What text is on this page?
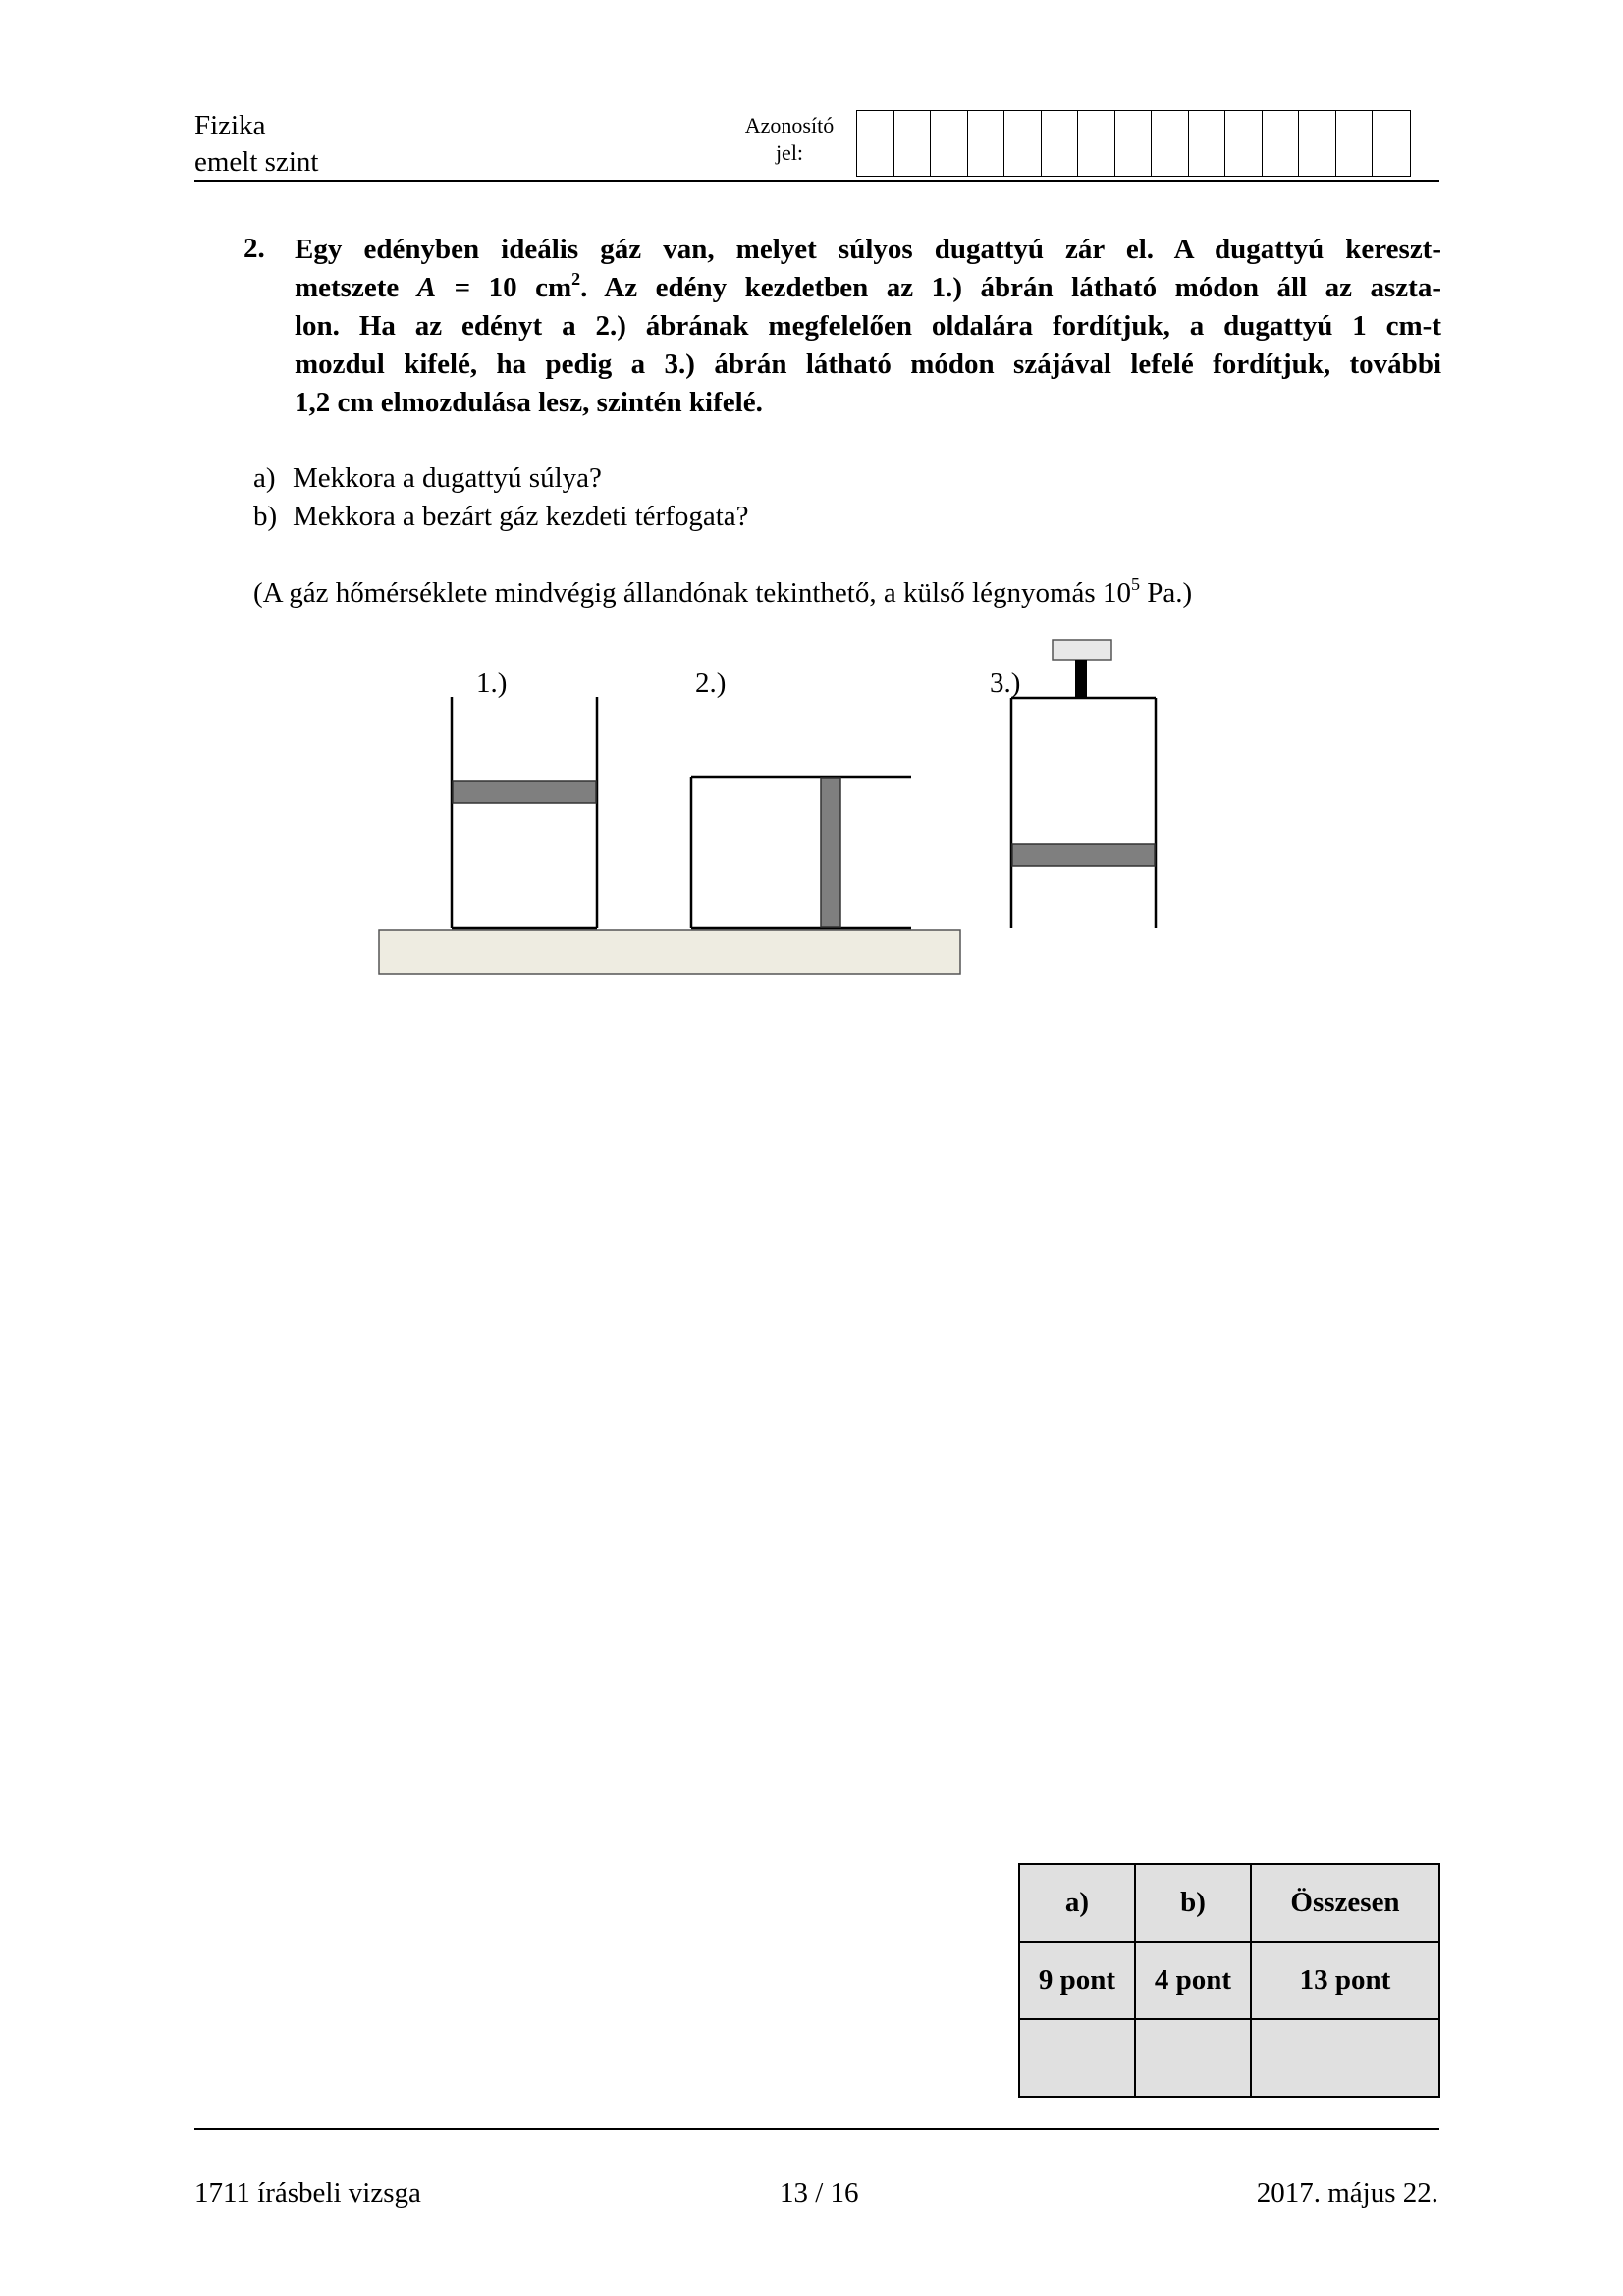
Fizika
emelt szint
Azonosító
jel:
2. Egy edényben ideális gáz van, melyet súlyos dugattyú zár el. A dugattyú kereszt-
metszete A = 10 $cm^2$. Az edény kezdetben az 1.) ábrán látható módon áll az aszta-
lon. Ha az edényt a 2.) ábrának megfelelően oldalára fordítjuk, a dugattyú 1 cm-t
mozdul kifelé, ha pedig a 3.) ábrán látható módon szájával lefelé fordítjuk, további
1,2 cm elmozdulása lesz, szintén kifelé.
a) Mekkora a dugattyú súlya?
b) Mekkora a bezárt gáz kezdeti térfogata?
(A gáz hőmérséklete mindvégig állandónak tekinthető, a külső légnyomás $10^5$ Pa.)
1.)	2.)	3.)
a)	b)	Összesen
9 pont	4 pont	13 pont

1711 írásbeli vizsga	13 / 16	2017. május 22.
